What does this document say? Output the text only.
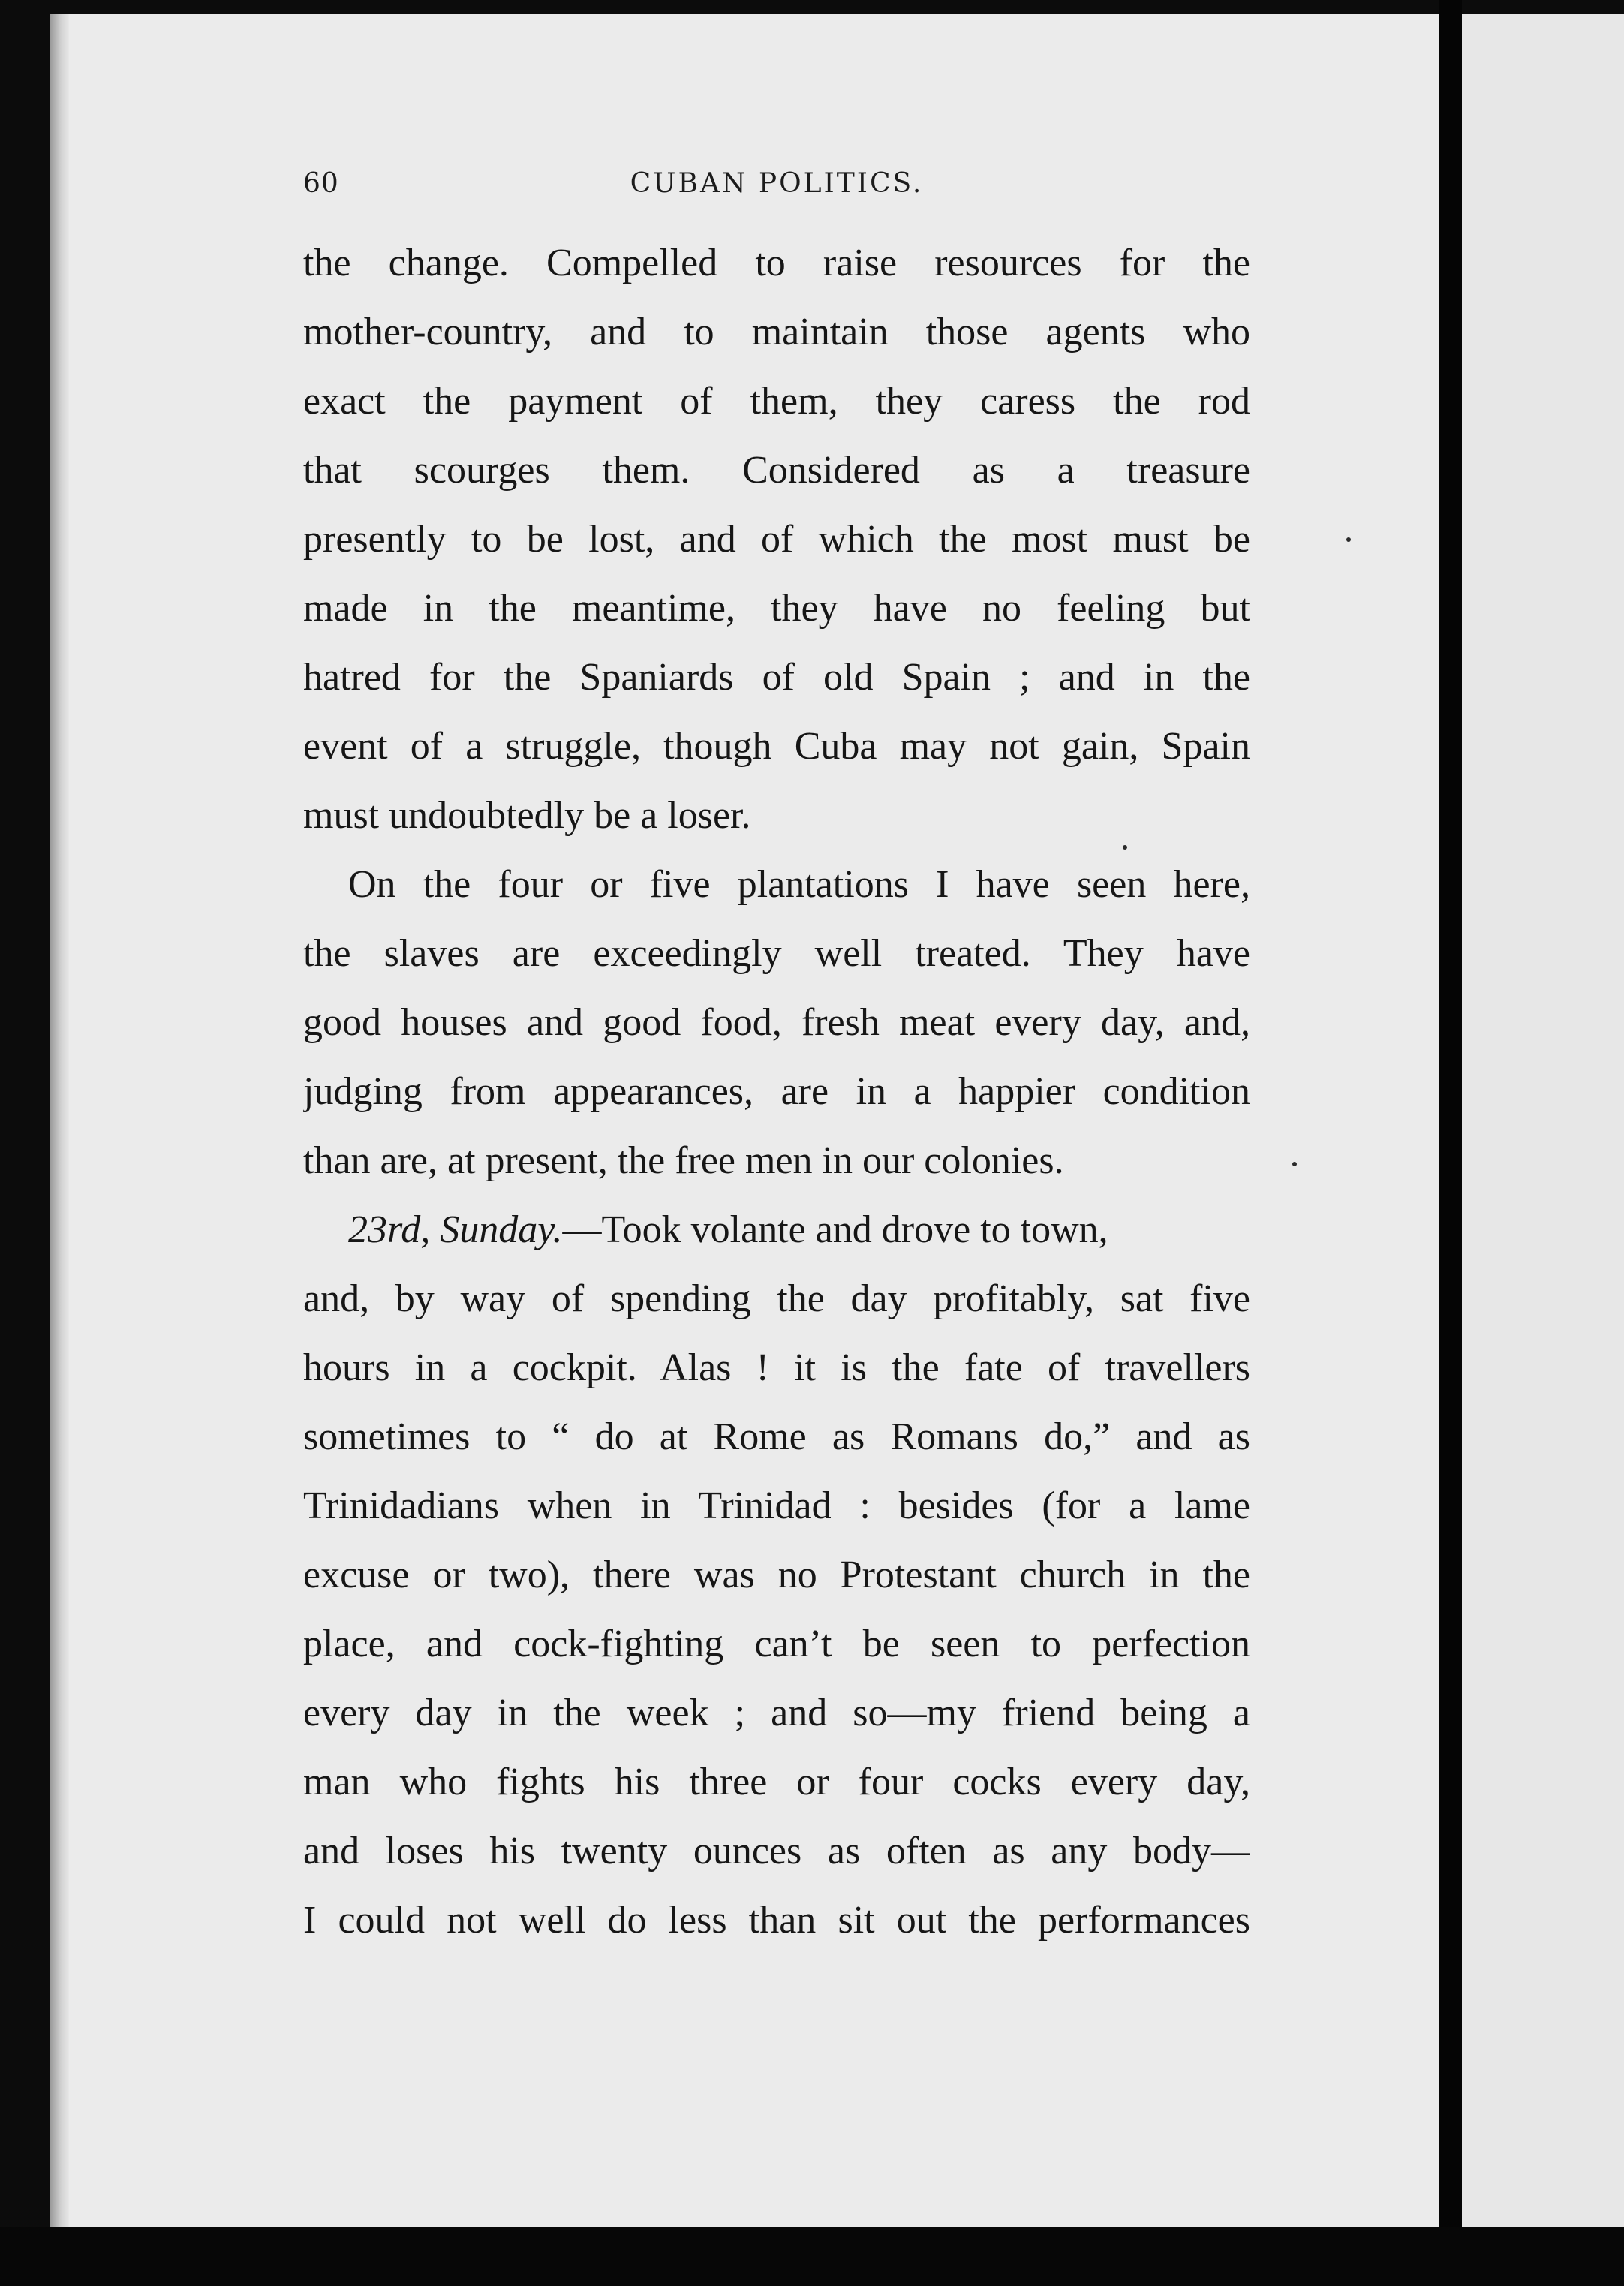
60	CUBAN POLITICS.
the change. Compelled to raise resources for the
mother-country, and to maintain those agents who
exact the payment of them, they caress the rod
that scourges them. Considered as a treasure
presently to be lost, and of which the most must be
made in the meantime, they have no feeling but
hatred for the Spaniards of old Spain ; and in the
event of a struggle, though Cuba may not gain, Spain
must undoubtedly be a loser.
On the four or five plantations I have seen here,
the slaves are exceedingly well treated. They have
good houses and good food, fresh meat every day, and,
judging from appearances, are in a happier condition
than are, at present, the free men in our colonies.
23rd, Sunday.—Took volante and drove to town,
and, by way of spending the day profitably, sat five
hours in a cockpit. Alas ! it is the fate of travellers
sometimes to “ do at Rome as Romans do,” and as
Trinidadians when in Trinidad : besides (for a lame
excuse or two), there was no Protestant church in the
place, and cock-fighting can’t be seen to perfection
every day in the week ; and so—my friend being a
man who fights his three or four cocks every day,
and loses his twenty ounces as often as any body—
I could not well do less than sit out the performances
